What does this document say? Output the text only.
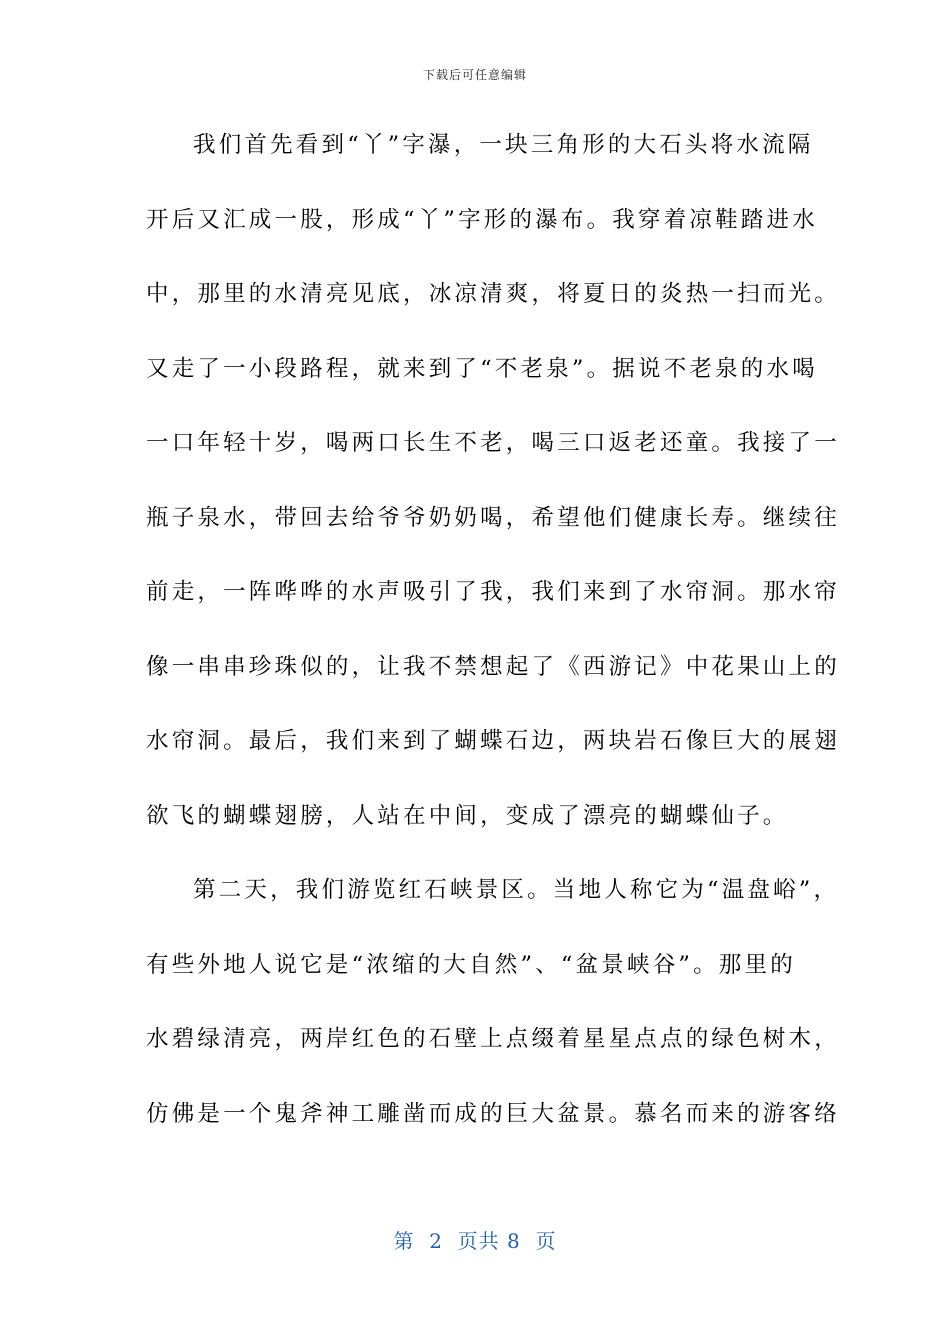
下载后可任意编辑
我们首先看到“丫”字瀑，一块三角形的大石头将水流隔
开后又汇成一股，形成“丫”字形的瀑布。我穿着凉鞋踏进水
中，那里的水清亮见底，冰凉清爽，将夏日的炎热一扫而光。
又走了一小段路程，就来到了“不老泉”。据说不老泉的水喝
一口年轻十岁，喝两口长生不老，喝三口返老还童。我接了一
瓶子泉水，带回去给爷爷奶奶喝，希望他们健康长寿。继续往
前走，一阵哗哗的水声吸引了我，我们来到了水帘洞。那水帘
像一串串珍珠似的，让我不禁想起了《西游记》中花果山上的
水帘洞。最后，我们来到了蝴蝶石边，两块岩石像巨大的展翅
欲飞的蝴蝶翅膀，人站在中间，变成了漂亮的蝴蝶仙子。
第二天，我们游览红石峡景区。当地人称它为“温盘峪”，
有些外地人说它是“浓缩的大自然”、“盆景峡谷”。那里的
水碧绿清亮，两岸红色的石壁上点缀着星星点点的绿色树木，
仿佛是一个鬼斧神工雕凿而成的巨大盆景。慕名而来的游客络
第  2  页共 8  页
